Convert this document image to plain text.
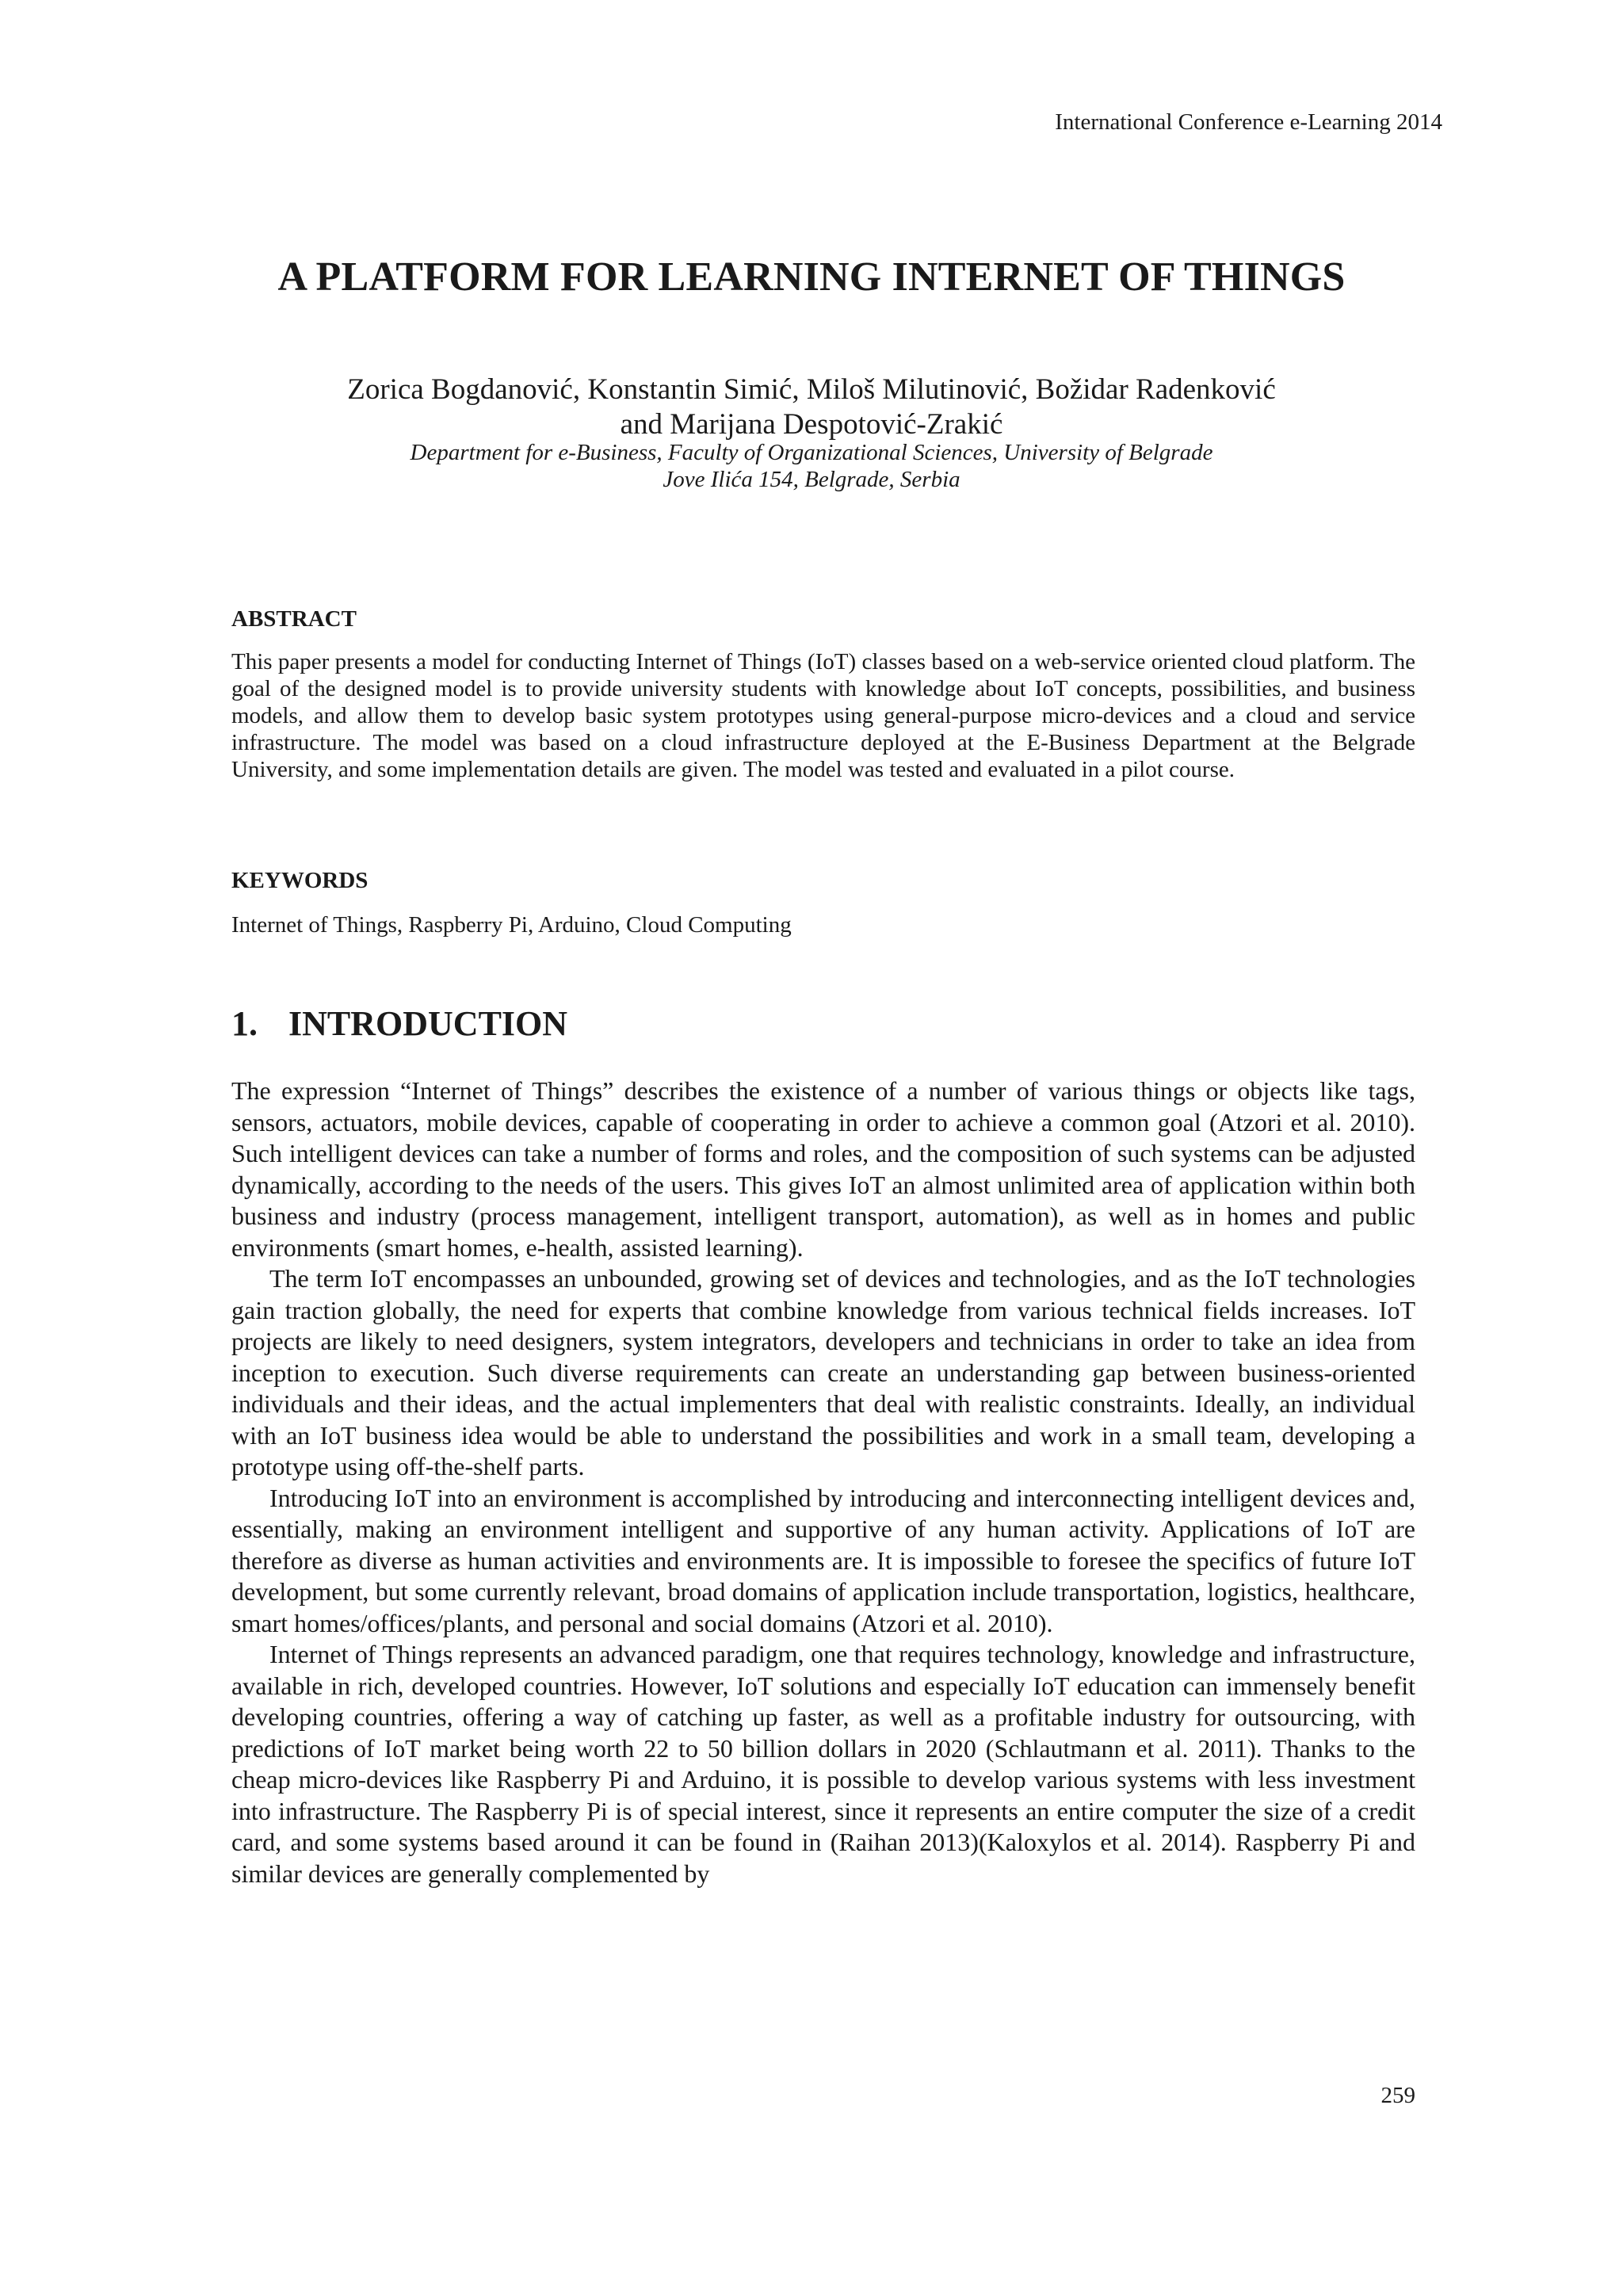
International Conference e-Learning 2014
A PLATFORM FOR LEARNING INTERNET OF THINGS
Zorica Bogdanović, Konstantin Simić, Miloš Milutinović, Božidar Radenković
and Marijana Despotović-Zrakić
Department for e-Business, Faculty of Organizational Sciences, University of Belgrade
Jove Ilića 154, Belgrade, Serbia
ABSTRACT
This paper presents a model for conducting Internet of Things (IoT) classes based on a web-service oriented cloud platform. The goal of the designed model is to provide university students with knowledge about IoT concepts, possibilities, and business models, and allow them to develop basic system prototypes using general-purpose micro-devices and a cloud and service infrastructure. The model was based on a cloud infrastructure deployed at the E-Business Department at the Belgrade University, and some implementation details are given. The model was tested and evaluated in a pilot course.
KEYWORDS
Internet of Things, Raspberry Pi, Arduino, Cloud Computing
1. INTRODUCTION

The expression “Internet of Things” describes the existence of a number of various things or objects like tags, sensors, actuators, mobile devices, capable of cooperating in order to achieve a common goal (Atzori et al. 2010). Such intelligent devices can take a number of forms and roles, and the composition of such systems can be adjusted dynamically, according to the needs of the users. This gives IoT an almost unlimited area of application within both business and industry (process management, intelligent transport, automation), as well as in homes and public environments (smart homes, e-health, assisted learning).

The term IoT encompasses an unbounded, growing set of devices and technologies, and as the IoT technologies gain traction globally, the need for experts that combine knowledge from various technical fields increases. IoT projects are likely to need designers, system integrators, developers and technicians in order to take an idea from inception to execution. Such diverse requirements can create an understanding gap between business-oriented individuals and their ideas, and the actual implementers that deal with realistic constraints. Ideally, an individual with an IoT business idea would be able to understand the possibilities and work in a small team, developing a prototype using off-the-shelf parts.

Introducing IoT into an environment is accomplished by introducing and interconnecting intelligent devices and, essentially, making an environment intelligent and supportive of any human activity. Applications of IoT are therefore as diverse as human activities and environments are. It is impossible to foresee the specifics of future IoT development, but some currently relevant, broad domains of application include transportation, logistics, healthcare, smart homes/offices/plants, and personal and social domains (Atzori et al. 2010).

Internet of Things represents an advanced paradigm, one that requires technology, knowledge and infrastructure, available in rich, developed countries. However, IoT solutions and especially IoT education can immensely benefit developing countries, offering a way of catching up faster, as well as a profitable industry for outsourcing, with predictions of IoT market being worth 22 to 50 billion dollars in 2020 (Schlautmann et al. 2011). Thanks to the cheap micro-devices like Raspberry Pi and Arduino, it is possible to develop various systems with less investment into infrastructure. The Raspberry Pi is of special interest, since it represents an entire computer the size of a credit card, and some systems based around it can be found in (Raihan 2013)(Kaloxylos et al. 2014). Raspberry Pi and similar devices are generally complemented by

259
